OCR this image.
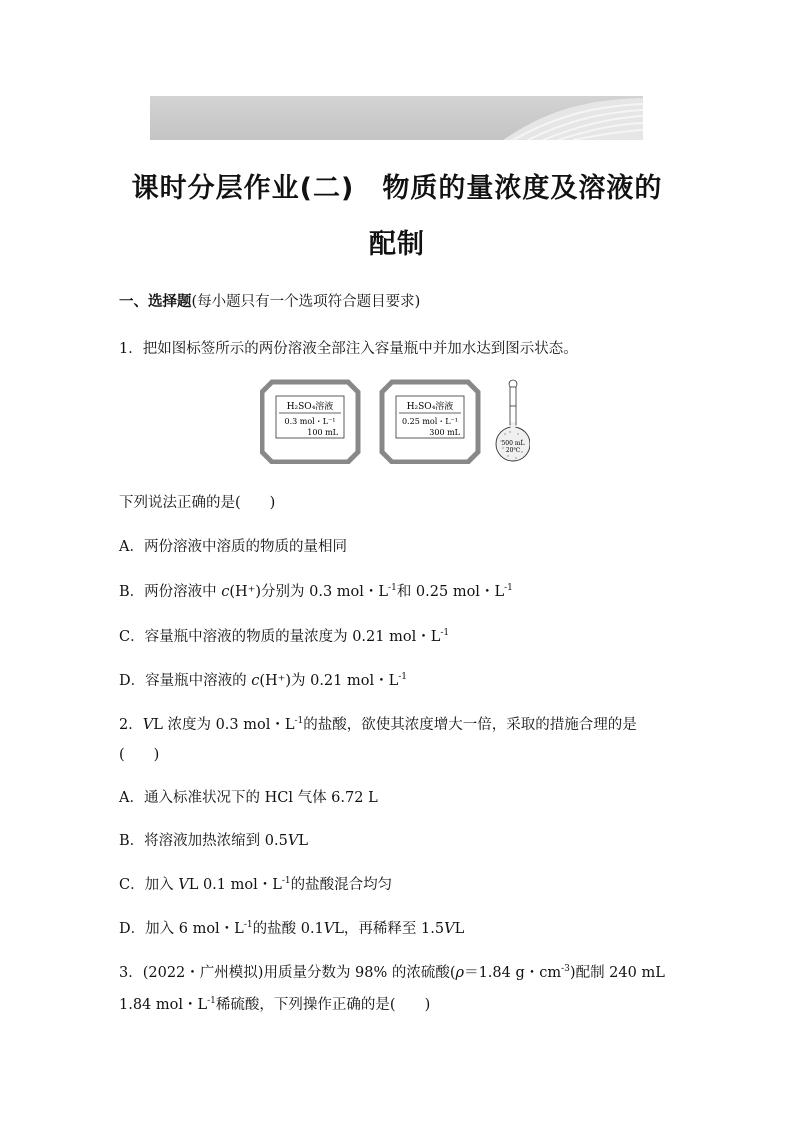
课时分层作业(二)　物质的量浓度及溶液的
配制
一、选择题(每小题只有一个选项符合题目要求)
1．把如图标签所示的两份溶液全部注入容量瓶中并加水达到图示状态。
H₂SO₄溶液
0.3 mol・L⁻¹
100 mL
H₂SO₄溶液
0.25 mol・L⁻¹
300 mL
500 mL
20℃
下列说法正确的是(　　)
A．两份溶液中溶质的物质的量相同
B．两份溶液中 c(H⁺)分别为 0.3 mol・$L^{-1}$和 0.25 mol・$L^{-1}$
C．容量瓶中溶液的物质的量浓度为 0.21 mol・$L^{-1}$
D．容量瓶中溶液的 c(H⁺)为 0.21 mol・$L^{-1}$
2．VL 浓度为 0.3 mol・$L^{-1}$的盐酸，欲使其浓度增大一倍，采取的措施合理的是
(　　)
A．通入标准状况下的 HCl 气体 6.72 L
B．将溶液加热浓缩到 0.5VL
C．加入 VL 0.1 mol・$L^{-1}$的盐酸混合均匀
D．加入 6 mol・$L^{-1}$的盐酸 0.1VL，再稀释至 1.5VL
3．(2022・广州模拟)用质量分数为 98% 的浓硫酸(ρ＝1.84 g・$cm^{-3}$)配制 240 mL
1.84 mol・$L^{-1}$稀硫酸，下列操作正确的是(　　)
